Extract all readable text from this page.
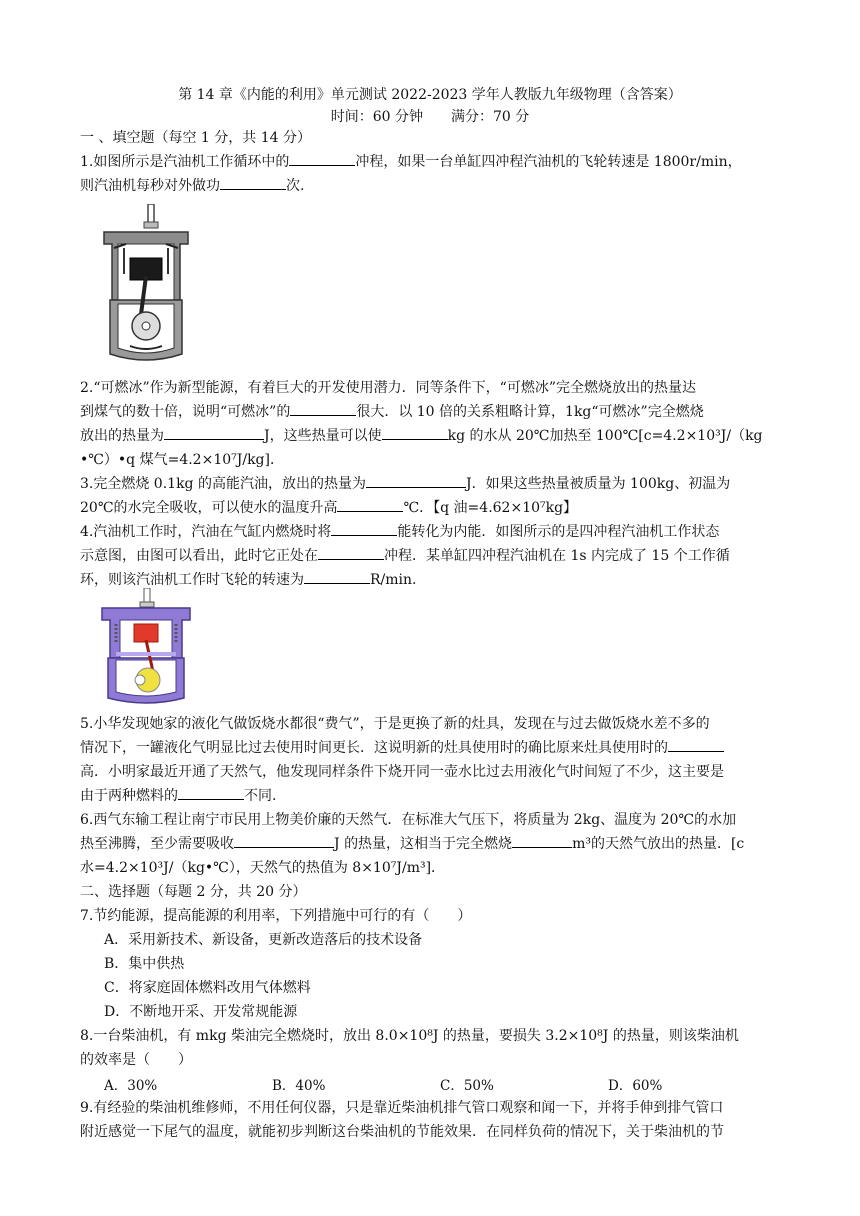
第 14 章《内能的利用》单元测试 2022-2023 学年人教版九年级物理（含答案）
时间：60 分钟　　满分：70 分

一 、填空题（每空 1 分，共 14 分）

1.如图所示是汽油机工作循环中的	冲程，如果一台单缸四冲程汽油机的飞轮转速是 1800r/min，

则汽油机每秒对外做功	次.

2.“可燃冰”作为新型能源，有着巨大的开发使用潜力．同等条件下，“可燃冰”完全燃烧放出的热量达

到煤气的数十倍，说明“可燃冰”的	很大．以 10 倍的关系粗略计算，1kg“可燃冰”完全燃烧

放出的热量为	J，这些热量可以使	kg 的水从 20℃加热至 100℃[c=4.2×10³J/（kg

•℃）•q 煤气=4.2×10⁷J/kg]．

3.完全燃烧 0.1kg 的高能汽油，放出的热量为	J．如果这些热量被质量为 100kg、初温为

20℃的水完全吸收，可以使水的温度升高	℃．【q 油=4.62×10⁷kg】

4.汽油机工作时，汽油在气缸内燃烧时将	能转化为内能．如图所示的是四冲程汽油机工作状态

示意图，由图可以看出，此时它正处在	冲程．某单缸四冲程汽油机在 1s 内完成了 15 个工作循

环，则该汽油机工作时飞轮的转速为	R/min.

5.小华发现她家的液化气做饭烧水都很“费气”，于是更换了新的灶具，发现在与过去做饭烧水差不多的

情况下，一罐液化气明显比过去使用时间更长．这说明新的灶具使用时的确比原来灶具使用时的

高．小明家最近开通了天然气，他发现同样条件下烧开同一壶水比过去用液化气时间短了不少，这主要是

由于两种燃料的	不同.

6.西气东输工程让南宁市民用上物美价廉的天然气．在标准大气压下，将质量为 2kg、温度为 20℃的水加

热至沸腾，至少需要吸收	J 的热量，这相当于完全燃烧	m³的天然气放出的热量．[c

水=4.2×10³J/（kg•℃），天然气的热值为 8×10⁷J/m³]．

二、选择题（每题 2 分，共 20 分）

7.节约能源，提高能源的利用率，下列措施中可行的有（　　）

A．采用新技术、新设备，更新改造落后的技术设备

B．集中供热

C．将家庭固体燃料改用气体燃料

D．不断地开采、开发常规能源

8.一台柴油机，有 mkg 柴油完全燃烧时，放出 8.0×10⁸J 的热量，要损失 3.2×10⁸J 的热量，则该柴油机

的效率是（　　）

A．30%	B．40%	C．50%	D．60%

9.有经验的柴油机维修师，不用任何仪器，只是靠近柴油机排气管口观察和闻一下，并将手伸到排气管口

附近感觉一下尾气的温度，就能初步判断这台柴油机的节能效果．在同样负荷的情况下，关于柴油机的节
